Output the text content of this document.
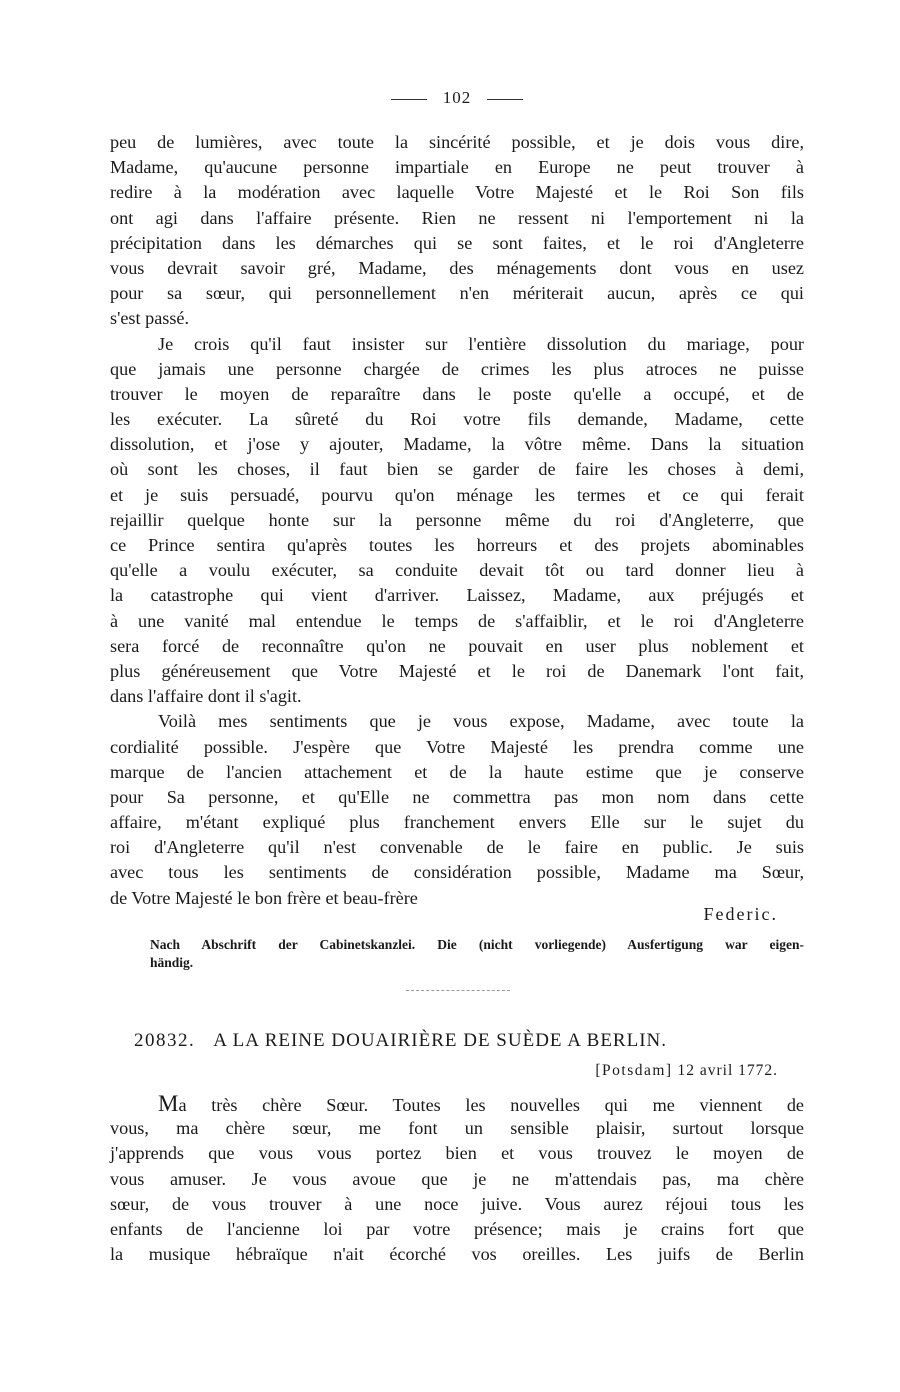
102
peu de lumières, avec toute la sincérité possible, et je dois vous dire,
Madame, qu'aucune personne impartiale en Europe ne peut trouver à
redire à la modération avec laquelle Votre Majesté et le Roi Son fils
ont agi dans l'affaire présente. Rien ne ressent ni l'emportement ni la
précipitation dans les démarches qui se sont faites, et le roi d'Angleterre
vous devrait savoir gré, Madame, des ménagements dont vous en usez
pour sa sœur, qui personnellement n'en mériterait aucun, après ce qui
s'est passé.
Je crois qu'il faut insister sur l'entière dissolution du mariage, pour
que jamais une personne chargée de crimes les plus atroces ne puisse
trouver le moyen de reparaître dans le poste qu'elle a occupé, et de
les exécuter. La sûreté du Roi votre fils demande, Madame, cette
dissolution, et j'ose y ajouter, Madame, la vôtre même. Dans la situation
où sont les choses, il faut bien se garder de faire les choses à demi,
et je suis persuadé, pourvu qu'on ménage les termes et ce qui ferait
rejaillir quelque honte sur la personne même du roi d'Angleterre, que
ce Prince sentira qu'après toutes les horreurs et des projets abominables
qu'elle a voulu exécuter, sa conduite devait tôt ou tard donner lieu à
la catastrophe qui vient d'arriver. Laissez, Madame, aux préjugés et
à une vanité mal entendue le temps de s'affaiblir, et le roi d'Angleterre
sera forcé de reconnaître qu'on ne pouvait en user plus noblement et
plus généreusement que Votre Majesté et le roi de Danemark l'ont fait,
dans l'affaire dont il s'agit.
Voilà mes sentiments que je vous expose, Madame, avec toute la
cordialité possible. J'espère que Votre Majesté les prendra comme une
marque de l'ancien attachement et de la haute estime que je conserve
pour Sa personne, et qu'Elle ne commettra pas mon nom dans cette
affaire, m'étant expliqué plus franchement envers Elle sur le sujet du
roi d'Angleterre qu'il n'est convenable de le faire en public. Je suis
avec tous les sentiments de considération possible, Madame ma Sœur,
de Votre Majesté le bon frère et beau-frère
Federic.
Nach Abschrift der Cabinetskanzlei. Die (nicht vorliegende) Ausfertigung war eigen-
händig.
20832. A LA REINE DOUAIRIÈRE DE SUÈDE A BERLIN.
[Potsdam] 12 avril 1772.
Ma très chère Sœur. Toutes les nouvelles qui me viennent de
vous, ma chère sœur, me font un sensible plaisir, surtout lorsque
j'apprends que vous vous portez bien et vous trouvez le moyen de
vous amuser. Je vous avoue que je ne m'attendais pas, ma chère
sœur, de vous trouver à une noce juive. Vous aurez réjoui tous les
enfants de l'ancienne loi par votre présence; mais je crains fort que
la musique hébraïque n'ait écorché vos oreilles. Les juifs de Berlin
